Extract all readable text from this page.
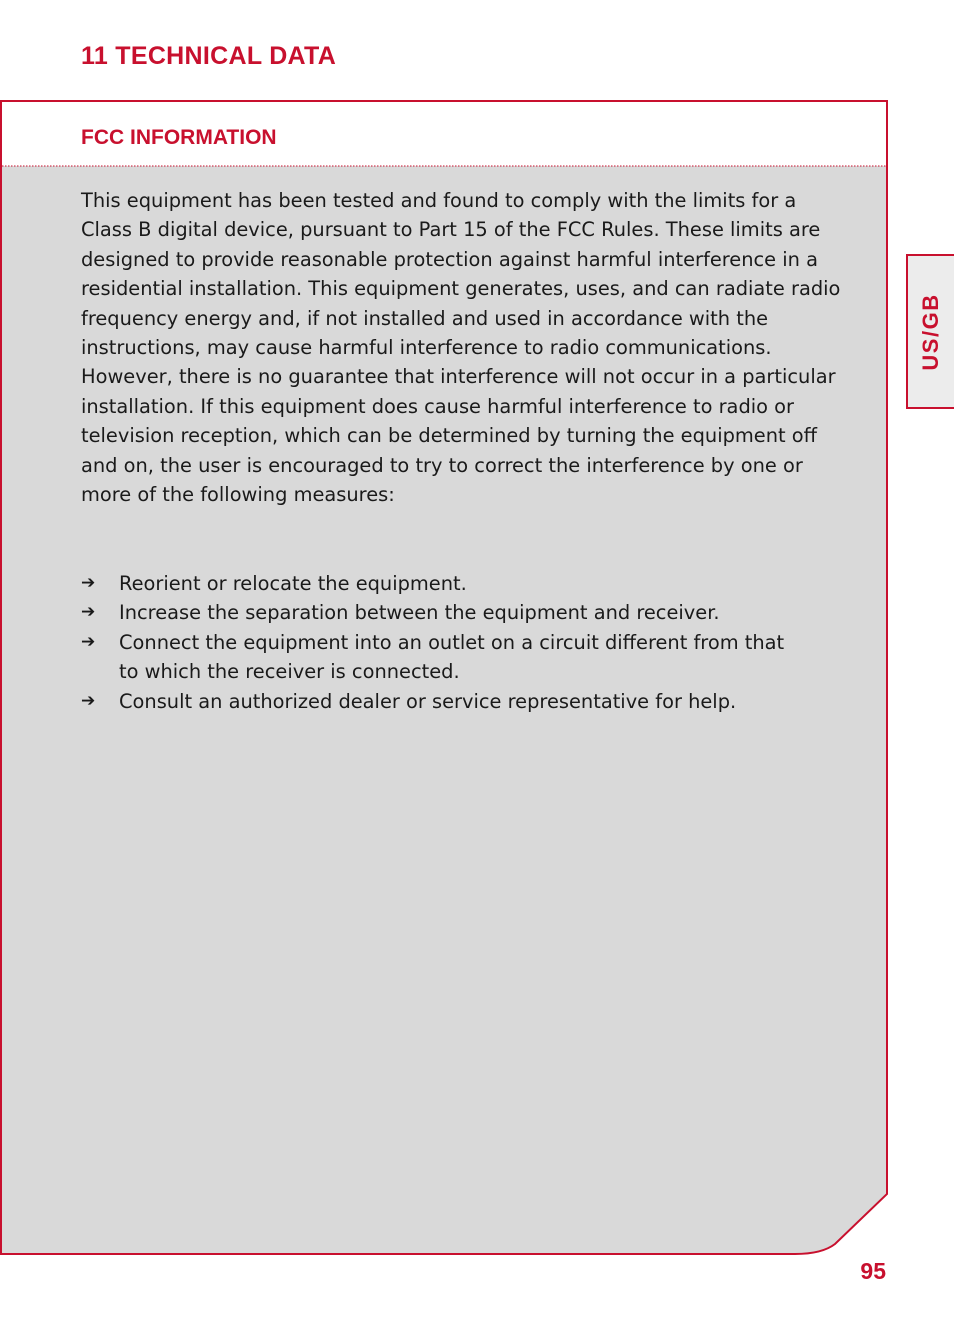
11 TECHNICAL DATA
FCC INFORMATION

This equipment has been tested and found to comply with the limits for a Class B digital device, pursuant to Part 15 of the FCC Rules. These limits are designed to provide reasonable protection against harmful interference in a residential installation. This equipment generates, uses, and can radiate radio frequency energy and, if not installed and used in accordance with the instructions, may cause harmful interference to radio communications. However, there is no guarantee that interference will not occur in a particular installation. If this equipment does cause harmful interference to radio or television reception, which can be determined by turning the equipment off and on, the user is encouraged to try to correct the interference by one or more of the following measures:

➔ Reorient or relocate the equipment.
➔ Increase the separation between the equipment and receiver.
➔ Connect the equipment into an outlet on a circuit different from that to which the receiver is connected.
➔ Consult an authorized dealer or service representative for help.
US/GB

95
